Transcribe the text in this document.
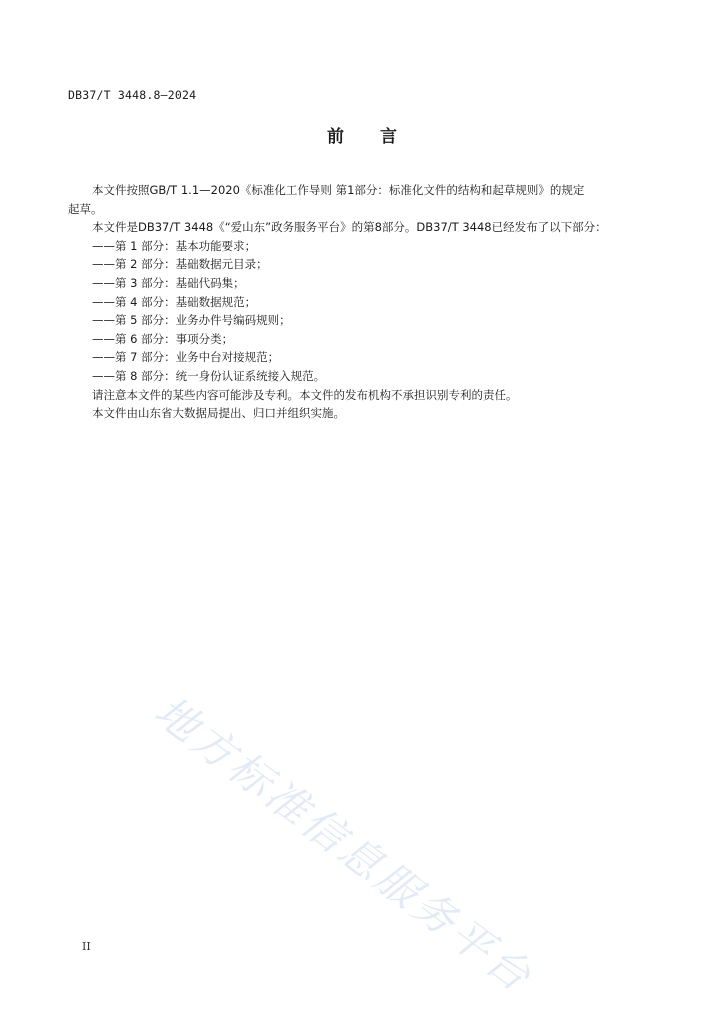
DB37/T 3448.8—2024
前言

本文件按照GB/T 1.1—2020《标准化工作导则 第1部分：标准化文件的结构和起草规则》的规定

起草。

本文件是DB37/T 3448《“爱山东”政务服务平台》的第8部分。DB37/T 3448已经发布了以下部分：

——第 1 部分：基本功能要求；

——第 2 部分：基础数据元目录；

——第 3 部分：基础代码集；

——第 4 部分：基础数据规范；

——第 5 部分：业务办件号编码规则；

——第 6 部分：事项分类；

——第 7 部分：业务中台对接规范；

——第 8 部分：统一身份认证系统接入规范。

请注意本文件的某些内容可能涉及专利。本文件的发布机构不承担识别专利的责任。

本文件由山东省大数据局提出、归口并组织实施。

地方标准信息服务平台
II
